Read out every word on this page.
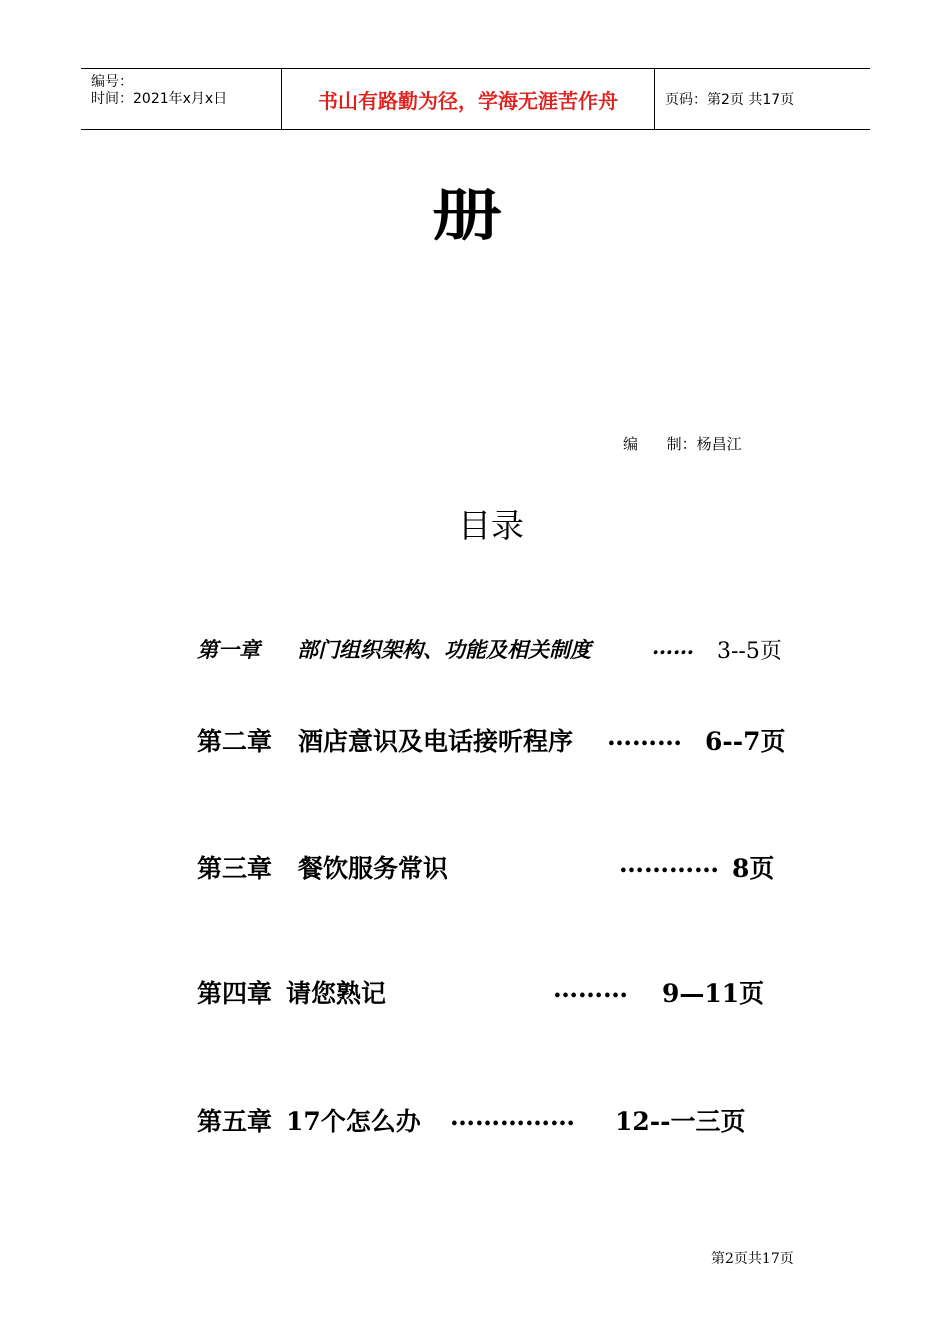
编号：
时间：2021年x月x日	书山有路勤为径，学海无涯苦作舟	页码：第2页 共17页
册
编      制：杨昌江
目录
第一章 部门组织架构、功能及相关制度	…… 3--5页
第二章 酒店意识及电话接听程序 ……… 6--7页
第三章 餐饮服务常识	………… 8页
第四章 请您熟记	……… 9—11页
第五章 17个怎么办 …………… 12--一三页
第2页共17页
